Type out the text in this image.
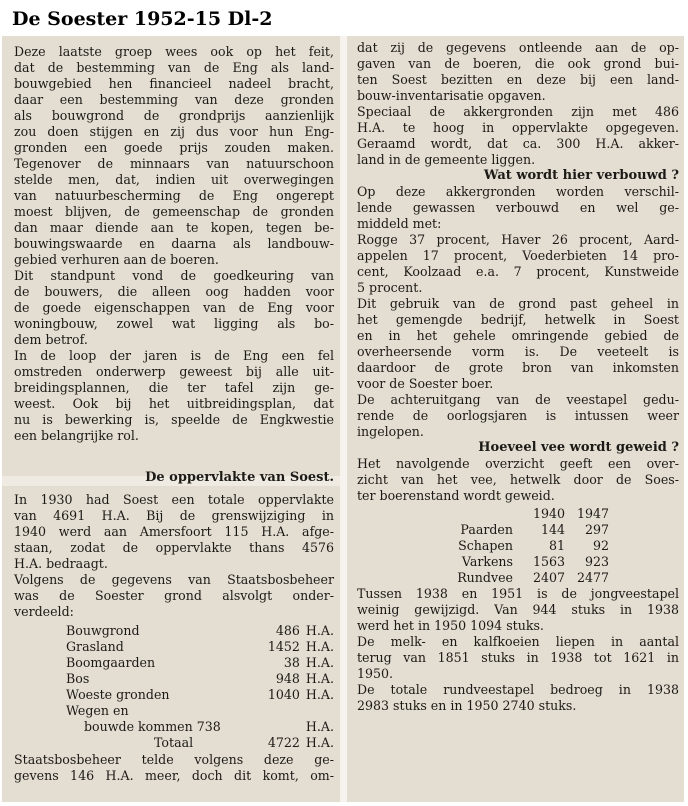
De Soester 1952-15 Dl-2

Deze laatste groep wees ook op het feit,

dat de bestemming van de Eng als land-

bouwgebied hen financieel nadeel bracht,

daar een bestemming van deze gronden

als bouwgrond de grondprijs aanzienlijk

zou doen stijgen en zij dus voor hun Eng-

gronden een goede prijs zouden maken.

Tegenover de minnaars van natuurschoon

stelde men, dat, indien uit overwegingen

van natuurbescherming de Eng ongerept

moest blijven, de gemeenschap de gronden

dan maar diende aan te kopen, tegen be-

bouwingswaarde en daarna als landbouw-

gebied verhuren aan de boeren.

Dit standpunt vond de goedkeuring van

de bouwers, die alleen oog hadden voor

de goede eigenschappen van de Eng voor

woningbouw, zowel wat ligging als bo-

dem betrof.

In de loop der jaren is de Eng een fel

omstreden onderwerp geweest bij alle uit-

breidingsplannen, die ter tafel zijn ge-

weest. Ook bij het uitbreidingsplan, dat

nu is bewerking is, speelde de Engkwestie

een belangrijke rol.

De oppervlakte van Soest.

In 1930 had Soest een totale oppervlakte

van 4691 H.A. Bij de grenswijziging in

1940 werd aan Amersfoort 115 H.A. afge-

staan, zodat de oppervlakte thans 4576

H.A. bedraagt.

Volgens de gegevens van Staatsbosbeheer

was de Soester grond alsvolgt onder-

verdeeld:

Bouwgrond	486	H.A.
Grasland	1452	H.A.
Boomgaarden	38	H.A.
Bos	948	H.A.
Woeste gronden	1040	H.A.
Wegen en		
bouwde kommen 738		H.A.
Totaal	4722	H.A.

Staatsbosbeheer telde volgens deze ge-

gevens 146 H.A. meer, doch dit komt, om-

dat zij de gegevens ontleende aan de op-

gaven van de boeren, die ook grond bui-

ten Soest bezitten en deze bij een land-

bouw-inventarisatie opgaven.

Speciaal de akkergronden zijn met 486

H.A. te hoog in oppervlakte opgegeven.

Geraamd wordt, dat ca. 300 H.A. akker-

land in de gemeente liggen.

Wat wordt hier verbouwd ?

Op deze akkergronden worden verschil-

lende gewassen verbouwd en wel ge-

middeld met:

Rogge 37 procent, Haver 26 procent, Aard-

appelen 17 procent, Voederbieten 14 pro-

cent, Koolzaad e.a. 7 procent, Kunstweide

5 procent.

Dit gebruik van de grond past geheel in

het gemengde bedrijf, hetwelk in Soest

en in het gehele omringende gebied de

overheersende vorm is. De veeteelt is

daardoor de grote bron van inkomsten

voor de Soester boer.

De achteruitgang van de veestapel gedu-

rende de oorlogsjaren is intussen weer

ingelopen.

Hoeveel vee wordt geweid ?

Het navolgende overzicht geeft een over-

zicht van het vee, hetwelk door de Soes-

ter boerenstand wordt geweid.

	1940	1947
Paarden	144	297
Schapen	81	92
Varkens	1563	923
Rundvee	2407	2477

Tussen 1938 en 1951 is de jongveestapel

weinig gewijzigd. Van 944 stuks in 1938

werd het in 1950 1094 stuks.

De melk- en kalfkoeien liepen in aantal

terug van 1851 stuks in 1938 tot 1621 in

1950.

De totale rundveestapel bedroeg in 1938

2983 stuks en in 1950 2740 stuks.
